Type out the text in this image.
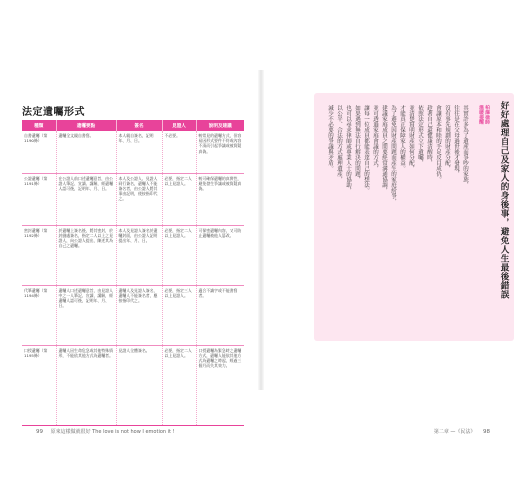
法定遺囑形式
種類	遺囑要點	簽名	見證人	說明及建議
自書遺囑（第1190條）	遺囑全文親自書寫。	本人親自簽名，記明年、月、日。	不必要。	較常見的遺囑方式，但容易因形式要件不符或內容不清而引起爭議或被質疑真偽。
公證遺囑（第1191條）	在公證人前口述遺囑意旨，由公證人筆記、宣讀、講解，經遺囑人認可後，記明年、月、日。	本人及公證人、見證人同行簽名，遺囑人不能簽名者，由公證人將其事由記明，使按指印代之。	必要，指定二人以上見證人。	較可確保遺囑的真實性，避免發生爭議或被質疑真偽。
密封遺囑（第1192條）	於遺囑上簽名後，將其密封，於封縫處簽名，指定二人以上之見證人，向公證人提出，陳述其為自己之遺囑。	本人及見證人簽名於遺囑封面，由公證人記明提出年、月、日。	必要，指定二人以上見證人。	可保密遺囑內容，又可防止遺囑被他人篡改。
代筆遺囑（第1194條）	遺囑人口述遺囑意旨，由見證人中之一人筆記、宣讀、講解，經遺囑人認可後，記明年、月、日。	遺囑人及見證人簽名，遺囑人不能簽名者，應按指印代之。	必要，指定三人以上見證人。	適合不識字或不能書寫者。
口授遺囑（第1195條）	遺囑人因生命危急或其他特殊情形，不能依其他方式為遺囑者。	見證人全體簽名。	必要，指定二人以上見證人。	口授遺囑為緊急時之遺囑方式，遺囑人能依其他方式為遺囑之時起，經過三個月而失其效力。
99 原來這樣做就很好 The love is not how I emotion it !
好好處理自己及家人的身後事，避免人生最後錯誤
柏澤律師
溫暖提醒
其實許多為了遺產而爭吵的家族，
往往是在父母過世後才發現，
沒有事先規劃的財產分配，
會讓原本和睦的手足反目成仇。
趁著自己還健康清醒時，
依照法定形式立下遺囑，
並清楚寫明財產如何分配，
才能真正保障家人的權益。
為了避免因財產問題而產生的家庭紛爭，
建議家庭成員之間要經常溝通協調，
並可透過家庭會議的方式，
讓每一位成員都能表達自己的想法。
如果遇到無法自行解決的問題，
也可以尋求律師或專業人士的協助，
以公平、合法的方式處理遺產，
減少不必要的爭議與矛盾。
第二章 —《民法》 98
